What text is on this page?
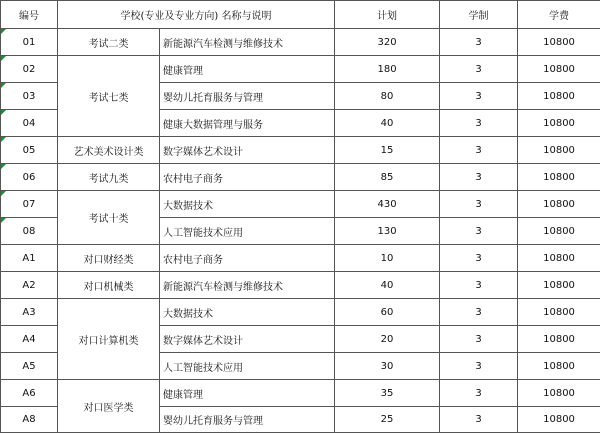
编号	学校(专业及专业方向) 名称与说明		计划	学制	学费
01	考试二类	新能源汽车检测与维修技术	320	3	10800
02	考试七类	健康管理	180	3	10800
03		婴幼儿托育服务与管理	80	3	10800
04		健康大数据管理与服务	40	3	10800
05	艺术美术设计类	数字媒体艺术设计	15	3	10800
06	考试九类	农村电子商务	85	3	10800
07	考试十类	大数据技术	430	3	10800
08		人工智能技术应用	130	3	10800
A1	对口财经类	农村电子商务	10	3	10800
A2	对口机械类	新能源汽车检测与维修技术	40	3	10800
A3	对口计算机类	大数据技术	60	3	10800
A4		数字媒体艺术设计	20	3	10800
A5		人工智能技术应用	30	3	10800
A6	对口医学类	健康管理	35	3	10800
A8		婴幼儿托育服务与管理	25	3	10800
